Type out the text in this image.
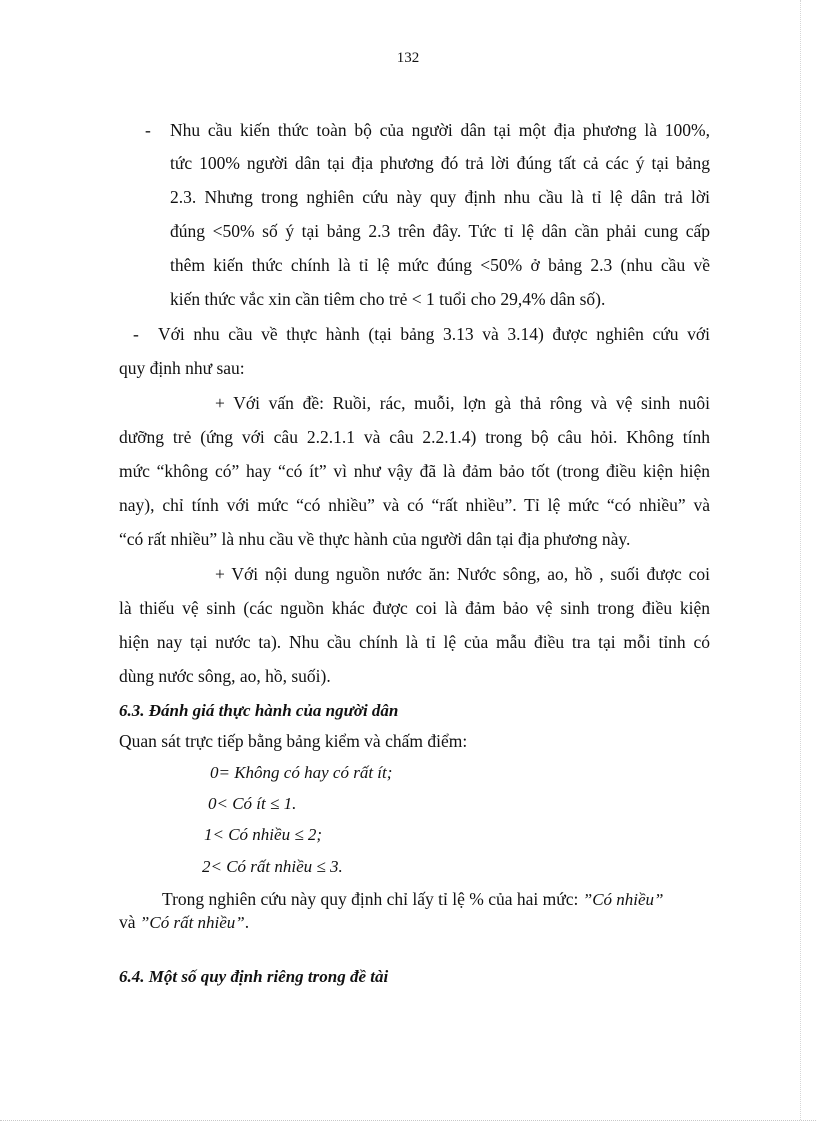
132
- Nhu cầu kiến thức toàn bộ của người dân tại một địa phương là 100%,
tức 100% người dân tại địa phương đó trả lời đúng tất cả các ý tại bảng
2.3. Nhưng trong nghiên cứu này quy định nhu cầu là tỉ lệ dân trả lời
đúng <50% số ý tại bảng 2.3 trên đây. Tức tỉ lệ dân cần phải cung cấp
thêm kiến thức chính là tỉ lệ mức đúng <50% ở bảng 2.3 (nhu cầu về
kiến thức vắc xin cần tiêm cho trẻ < 1 tuổi cho 29,4% dân số).
- Với nhu cầu về thực hành (tại bảng 3.13 và 3.14) được nghiên cứu với
quy định như sau:
+ Với vấn đề: Ruồi, rác, muỗi, lợn gà thả rông và vệ sinh nuôi
dưỡng trẻ (ứng với câu 2.2.1.1 và câu 2.2.1.4) trong bộ câu hỏi. Không tính
mức “không có” hay “có ít” vì như vậy đã là đảm bảo tốt (trong điều kiện hiện
nay), chỉ tính với mức “có nhiều” và có “rất nhiều”. Tỉ lệ mức “có nhiều” và
“có rất nhiều” là nhu cầu về thực hành của người dân tại địa phương này.
+ Với nội dung nguồn nước ăn: Nước sông, ao, hồ , suối được coi
là thiếu vệ sinh (các nguồn khác được coi là đảm bảo vệ sinh trong điều kiện
hiện nay tại nước ta). Nhu cầu chính là tỉ lệ của mẫu điều tra tại mỗi tỉnh có
dùng nước sông, ao, hồ, suối).
6.3. Đánh giá thực hành của người dân
Quan sát trực tiếp bằng bảng kiểm và chấm điểm:
0= Không có hay có rất ít;
0< Có ít ≤ 1.
1< Có nhiều ≤ 2;
2< Có rất nhiều ≤ 3.
Trong nghiên cứu này quy định chỉ lấy tỉ lệ % của hai mức: ”Có nhiều”
và ”Có rất nhiều”.
6.4. Một số quy định riêng trong đề tài
